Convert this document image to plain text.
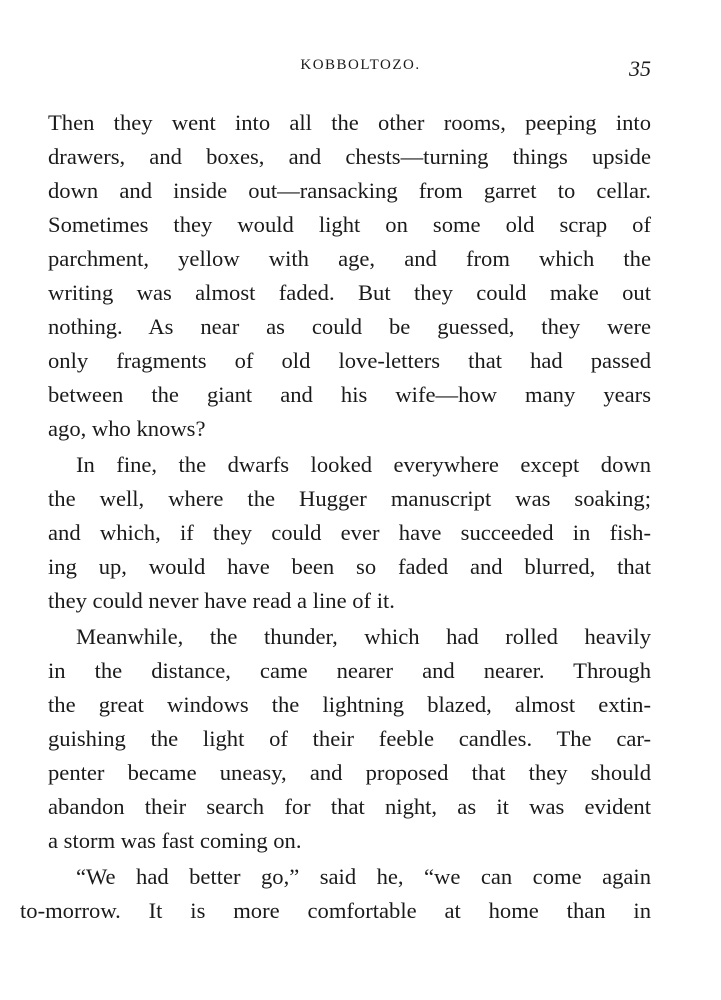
KOBBOLTOZO.	35

Then they went into all the other rooms, peeping into
drawers, and boxes, and chests—turning things upside
down and inside out—ransacking from garret to cellar.
Sometimes they would light on some old scrap of
parchment, yellow with age, and from which the
writing was almost faded. But they could make out
nothing. As near as could be guessed, they were
only fragments of old love-letters that had passed
between the giant and his wife—how many years
ago, who knows?
In fine, the dwarfs looked everywhere except down
the well, where the Hugger manuscript was soaking;
and which, if they could ever have succeeded in fish-
ing up, would have been so faded and blurred, that
they could never have read a line of it.
Meanwhile, the thunder, which had rolled heavily
in the distance, came nearer and nearer. Through
the great windows the lightning blazed, almost extin-
guishing the light of their feeble candles. The car-
penter became uneasy, and proposed that they should
abandon their search for that night, as it was evident
a storm was fast coming on.
“We had better go,” said he, “we can come again
to-morrow. It is more comfortable at home than in
